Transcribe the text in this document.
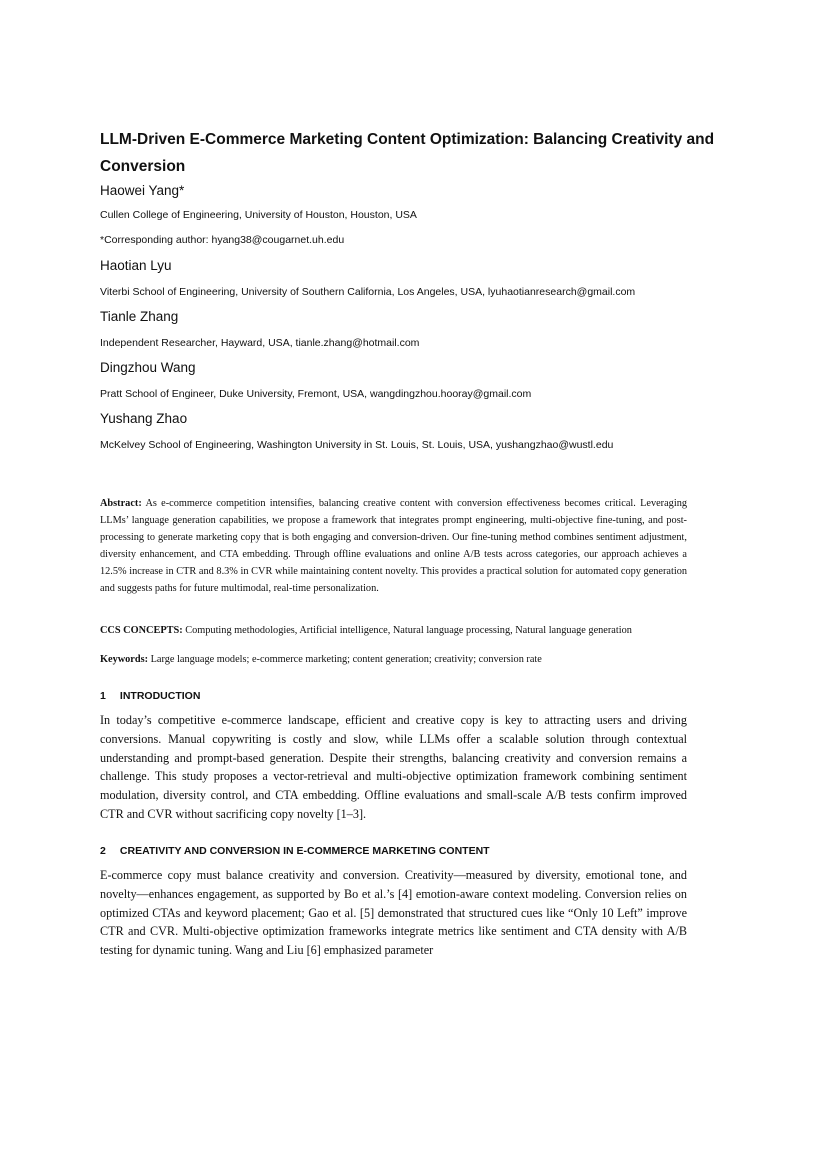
LLM-Driven E-Commerce Marketing Content Optimization: Balancing Creativity and Conversion
Haowei Yang*
Cullen College of Engineering, University of Houston, Houston, USA
*Corresponding author: hyang38@cougarnet.uh.edu
Haotian Lyu
Viterbi School of Engineering, University of Southern California, Los Angeles, USA, lyuhaotianresearch@gmail.com
Tianle Zhang
Independent Researcher, Hayward, USA, tianle.zhang@hotmail.com
Dingzhou Wang
Pratt School of Engineer, Duke University, Fremont, USA, wangdingzhou.hooray@gmail.com
Yushang Zhao
McKelvey School of Engineering, Washington University in St. Louis, St. Louis, USA, yushangzhao@wustl.edu
Abstract: As e-commerce competition intensifies, balancing creative content with conversion effectiveness becomes critical. Leveraging LLMs’ language generation capabilities, we propose a framework that integrates prompt engineering, multi-objective fine-tuning, and post-processing to generate marketing copy that is both engaging and conversion-driven. Our fine-tuning method combines sentiment adjustment, diversity enhancement, and CTA embedding. Through offline evaluations and online A/B tests across categories, our approach achieves a 12.5% increase in CTR and 8.3% in CVR while maintaining content novelty. This provides a practical solution for automated copy generation and suggests paths for future multimodal, real-time personalization.
CCS CONCEPTS: Computing methodologies, Artificial intelligence, Natural language processing, Natural language generation
Keywords: Large language models; e-commerce marketing; content generation; creativity; conversion rate
1 INTRODUCTION
In today’s competitive e-commerce landscape, efficient and creative copy is key to attracting users and driving conversions. Manual copywriting is costly and slow, while LLMs offer a scalable solution through contextual understanding and prompt-based generation. Despite their strengths, balancing creativity and conversion remains a challenge. This study proposes a vector-retrieval and multi-objective optimization framework combining sentiment modulation, diversity control, and CTA embedding. Offline evaluations and small-scale A/B tests confirm improved CTR and CVR without sacrificing copy novelty [1–3].
2 CREATIVITY AND CONVERSION IN E-COMMERCE MARKETING CONTENT
E-commerce copy must balance creativity and conversion. Creativity—measured by diversity, emotional tone, and novelty—enhances engagement, as supported by Bo et al.’s [4] emotion-aware context modeling. Conversion relies on optimized CTAs and keyword placement; Gao et al. [5] demonstrated that structured cues like “Only 10 Left” improve CTR and CVR. Multi-objective optimization frameworks integrate metrics like sentiment and CTA density with A/B testing for dynamic tuning. Wang and Liu [6] emphasized parameter
